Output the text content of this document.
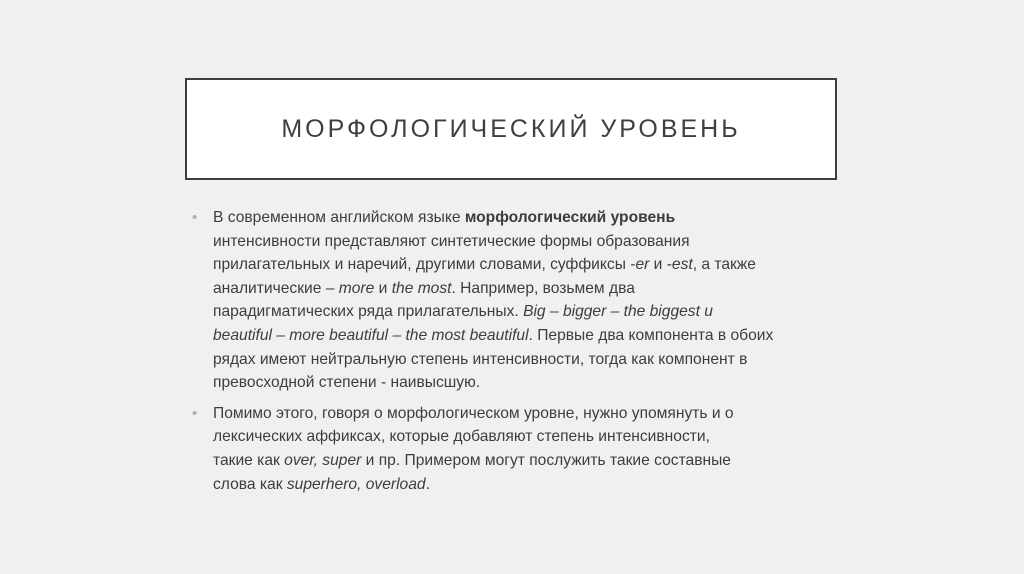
МОРФОЛОГИЧЕСКИЙ УРОВЕНЬ
• В современном английском языке морфологический уровень
интенсивности представляют синтетические формы образования
прилагательных и наречий, другими словами, суффиксы -er и -est, а также
аналитические – more и the most. Например, возьмем два
парадигматических ряда прилагательных. Big – bigger – the biggest и
beautiful – more beautiful – the most beautiful. Первые два компонента в обоих
рядах имеют нейтральную степень интенсивности, тогда как компонент в
превосходной степени - наивысшую.
• Помимо этого, говоря о морфологическом уровне, нужно упомянуть и о
лексических аффиксах, которые добавляют степень интенсивности,
такие как over, super и пр. Примером могут послужить такие составные
слова как superhero, overload.
